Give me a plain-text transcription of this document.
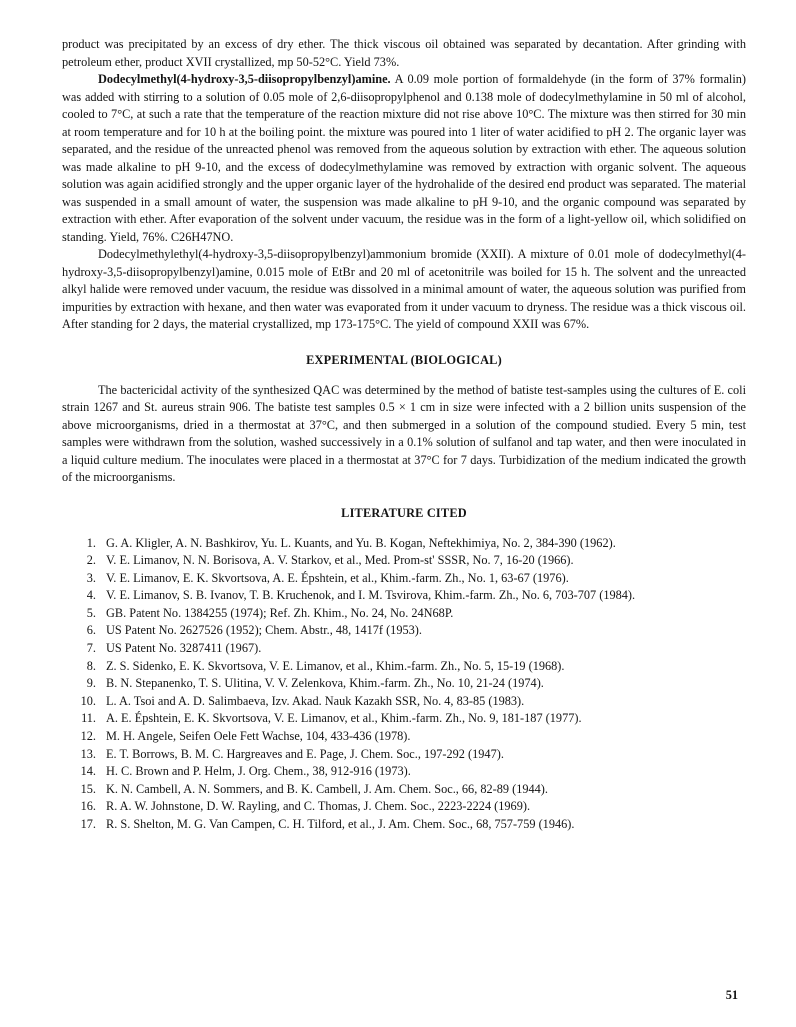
product was precipitated by an excess of dry ether. The thick viscous oil obtained was separated by decantation. After grinding with petroleum ether, product XVII crystallized, mp 50-52°C. Yield 73%.

Dodecylmethyl(4-hydroxy-3,5-diisopropylbenzyl)amine. A 0.09 mole portion of formaldehyde (in the form of 37% formalin) was added with stirring to a solution of 0.05 mole of 2,6-diisopropylphenol and 0.138 mole of dodecylmethylamine in 50 ml of alcohol, cooled to 7°C, at such a rate that the temperature of the reaction mixture did not rise above 10°C. The mixture was then stirred for 30 min at room temperature and for 10 h at the boiling point. the mixture was poured into 1 liter of water acidified to pH 2. The organic layer was separated, and the residue of the unreacted phenol was removed from the aqueous solution by extraction with ether. The aqueous solution was made alkaline to pH 9-10, and the excess of dodecylmethylamine was removed by extraction with organic solvent. The aqueous solution was again acidified strongly and the upper organic layer of the hydrohalide of the desired end product was separated. The material was suspended in a small amount of water, the suspension was made alkaline to pH 9-10, and the organic compound was separated by extraction with ether. After evaporation of the solvent under vacuum, the residue was in the form of a light-yellow oil, which solidified on standing. Yield, 76%. C26H47NO.

Dodecylmethylethyl(4-hydroxy-3,5-diisopropylbenzyl)ammonium bromide (XXII). A mixture of 0.01 mole of dodecylmethyl(4-hydroxy-3,5-diisopropylbenzyl)amine, 0.015 mole of EtBr and 20 ml of acetonitrile was boiled for 15 h. The solvent and the unreacted alkyl halide were removed under vacuum, the residue was dissolved in a minimal amount of water, the aqueous solution was purified from impurities by extraction with hexane, and then water was evaporated from it under vacuum to dryness. The residue was a thick viscous oil. After standing for 2 days, the material crystallized, mp 173-175°C. The yield of compound XXII was 67%.

EXPERIMENTAL (BIOLOGICAL)

The bactericidal activity of the synthesized QAC was determined by the method of batiste test-samples using the cultures of E. coli strain 1267 and St. aureus strain 906. The batiste test samples 0.5 × 1 cm in size were infected with a 2 billion units suspension of the above microorganisms, dried in a thermostat at 37°C, and then submerged in a solution of the compound studied. Every 5 min, test samples were withdrawn from the solution, washed successively in a 0.1% solution of sulfanol and tap water, and then were inoculated in a liquid culture medium. The inoculates were placed in a thermostat at 37°C for 7 days. Turbidization of the medium indicated the growth of the microorganisms.

LITERATURE CITED
1. G. A. Kligler, A. N. Bashkirov, Yu. L. Kuants, and Yu. B. Kogan, Neftekhimiya, No. 2, 384-390 (1962).
2. V. E. Limanov, N. N. Borisova, A. V. Starkov, et al., Med. Prom-st' SSSR, No. 7, 16-20 (1966).
3. V. E. Limanov, E. K. Skvortsova, A. E. Épshtein, et al., Khim.-farm. Zh., No. 1, 63-67 (1976).
4. V. E. Limanov, S. B. Ivanov, T. B. Kruchenok, and I. M. Tsvirova, Khim.-farm. Zh., No. 6, 703-707 (1984).
5. GB. Patent No. 1384255 (1974); Ref. Zh. Khim., No. 24, No. 24N68P.
6. US Patent No. 2627526 (1952); Chem. Abstr., 48, 1417f (1953).
7. US Patent No. 3287411 (1967).
8. Z. S. Sidenko, E. K. Skvortsova, V. E. Limanov, et al., Khim.-farm. Zh., No. 5, 15-19 (1968).
9. B. N. Stepanenko, T. S. Ulitina, V. V. Zelenkova, Khim.-farm. Zh., No. 10, 21-24 (1974).
10. L. A. Tsoi and A. D. Salimbaeva, Izv. Akad. Nauk Kazakh SSR, No. 4, 83-85 (1983).
11. A. E. Épshtein, E. K. Skvortsova, V. E. Limanov, et al., Khim.-farm. Zh., No. 9, 181-187 (1977).
12. M. H. Angele, Seifen Oele Fett Wachse, 104, 433-436 (1978).
13. E. T. Borrows, B. M. C. Hargreaves and E. Page, J. Chem. Soc., 197-292 (1947).
14. H. C. Brown and P. Helm, J. Org. Chem., 38, 912-916 (1973).
15. K. N. Cambell, A. N. Sommers, and B. K. Cambell, J. Am. Chem. Soc., 66, 82-89 (1944).
16. R. A. W. Johnstone, D. W. Rayling, and C. Thomas, J. Chem. Soc., 2223-2224 (1969).
17. R. S. Shelton, M. G. Van Campen, C. H. Tilford, et al., J. Am. Chem. Soc., 68, 757-759 (1946).
51
